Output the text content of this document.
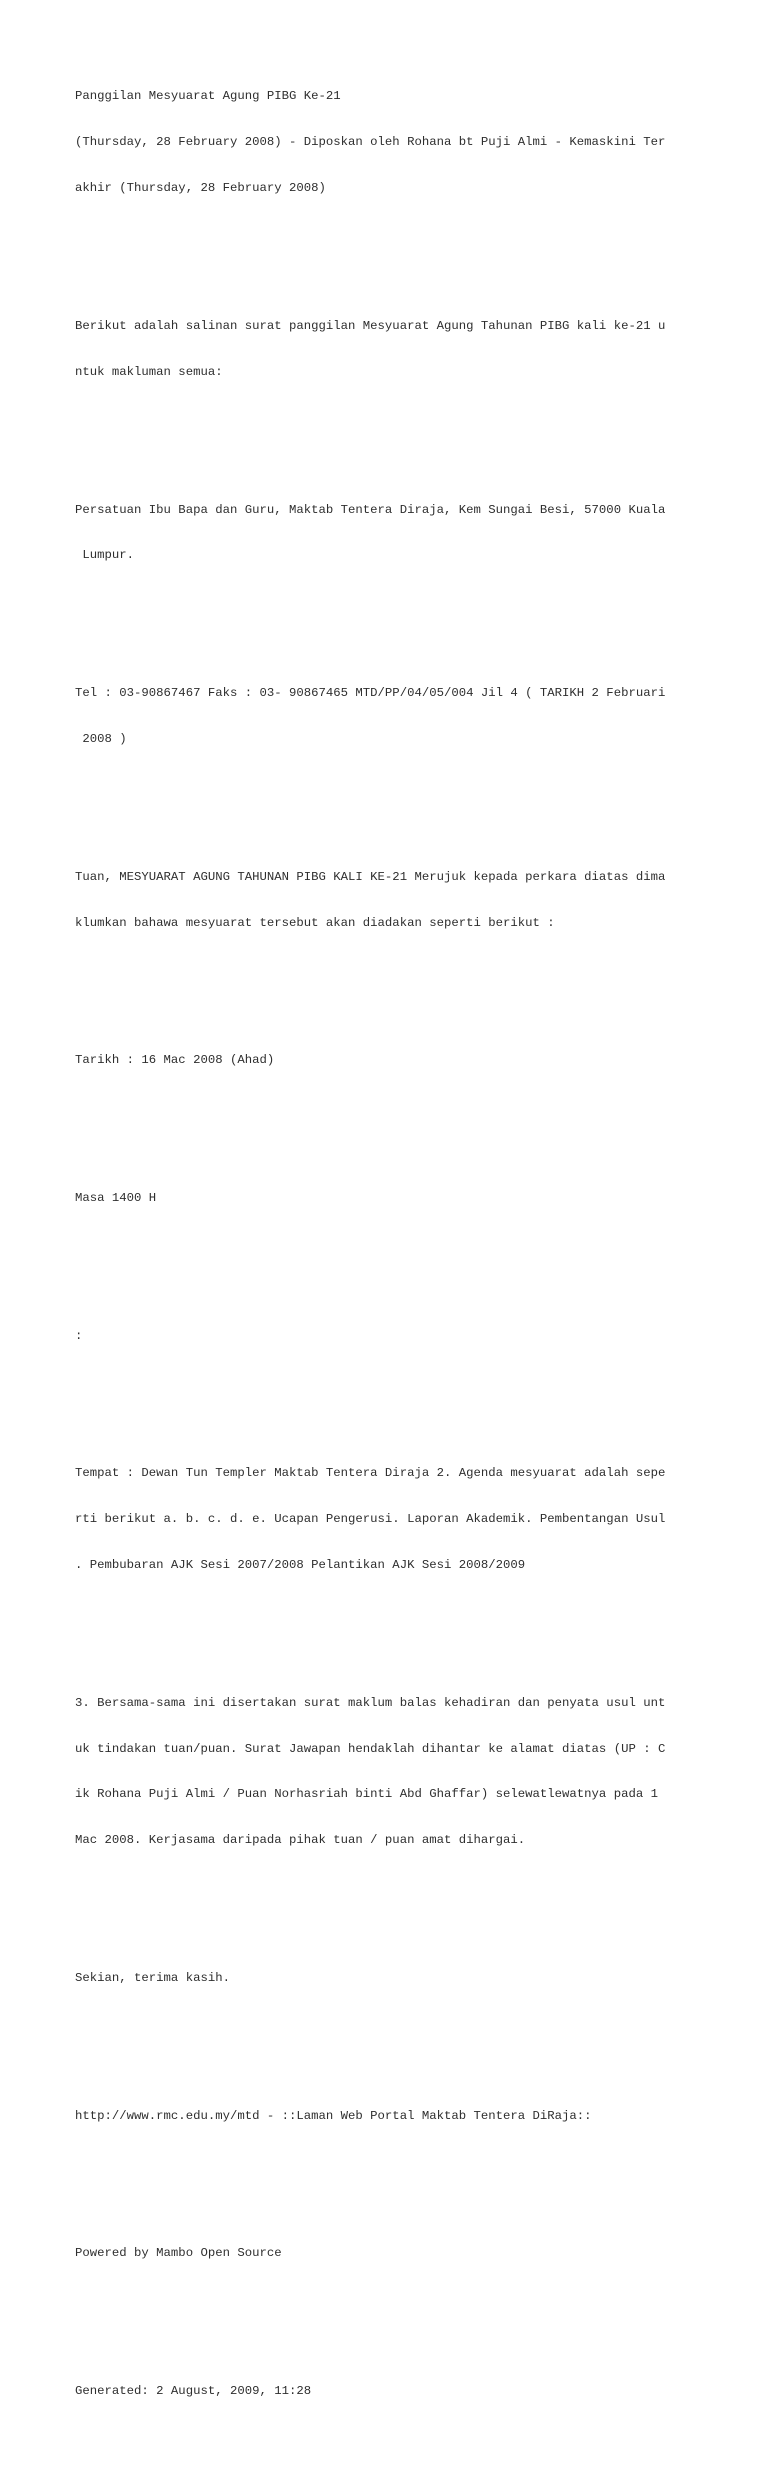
Panggilan Mesyuarat Agung PIBG Ke-21

(Thursday, 28 February 2008) - Diposkan oleh Rohana bt Puji Almi - Kemaskini Ter

akhir (Thursday, 28 February 2008)

Berikut adalah salinan surat panggilan Mesyuarat Agung Tahunan PIBG kali ke-21 u

ntuk makluman semua:

Persatuan Ibu Bapa dan Guru, Maktab Tentera Diraja, Kem Sungai Besi, 57000 Kuala

Lumpur.

Tel : 03-90867467 Faks : 03- 90867465 MTD/PP/04/05/004 Jil 4 ( TARIKH 2 Februari

2008 )

Tuan, MESYUARAT AGUNG TAHUNAN PIBG KALI KE-21 Merujuk kepada perkara diatas dima

klumkan bahawa mesyuarat tersebut akan diadakan seperti berikut :

Tarikh : 16 Mac 2008 (Ahad)

Masa 1400 H

:

Tempat : Dewan Tun Templer Maktab Tentera Diraja 2. Agenda mesyuarat adalah sepe

rti berikut a. b. c. d. e. Ucapan Pengerusi. Laporan Akademik. Pembentangan Usul

. Pembubaran AJK Sesi 2007/2008 Pelantikan AJK Sesi 2008/2009

3. Bersama-sama ini disertakan surat maklum balas kehadiran dan penyata usul unt

uk tindakan tuan/puan. Surat Jawapan hendaklah dihantar ke alamat diatas (UP : C

ik Rohana Puji Almi / Puan Norhasriah binti Abd Ghaffar) selewatlewatnya pada 1

Mac 2008. Kerjasama daripada pihak tuan / puan amat dihargai.

Sekian, terima kasih.

http://www.rmc.edu.my/mtd - ::Laman Web Portal Maktab Tentera DiRaja::

Powered by Mambo Open Source

Generated: 2 August, 2009, 11:28
